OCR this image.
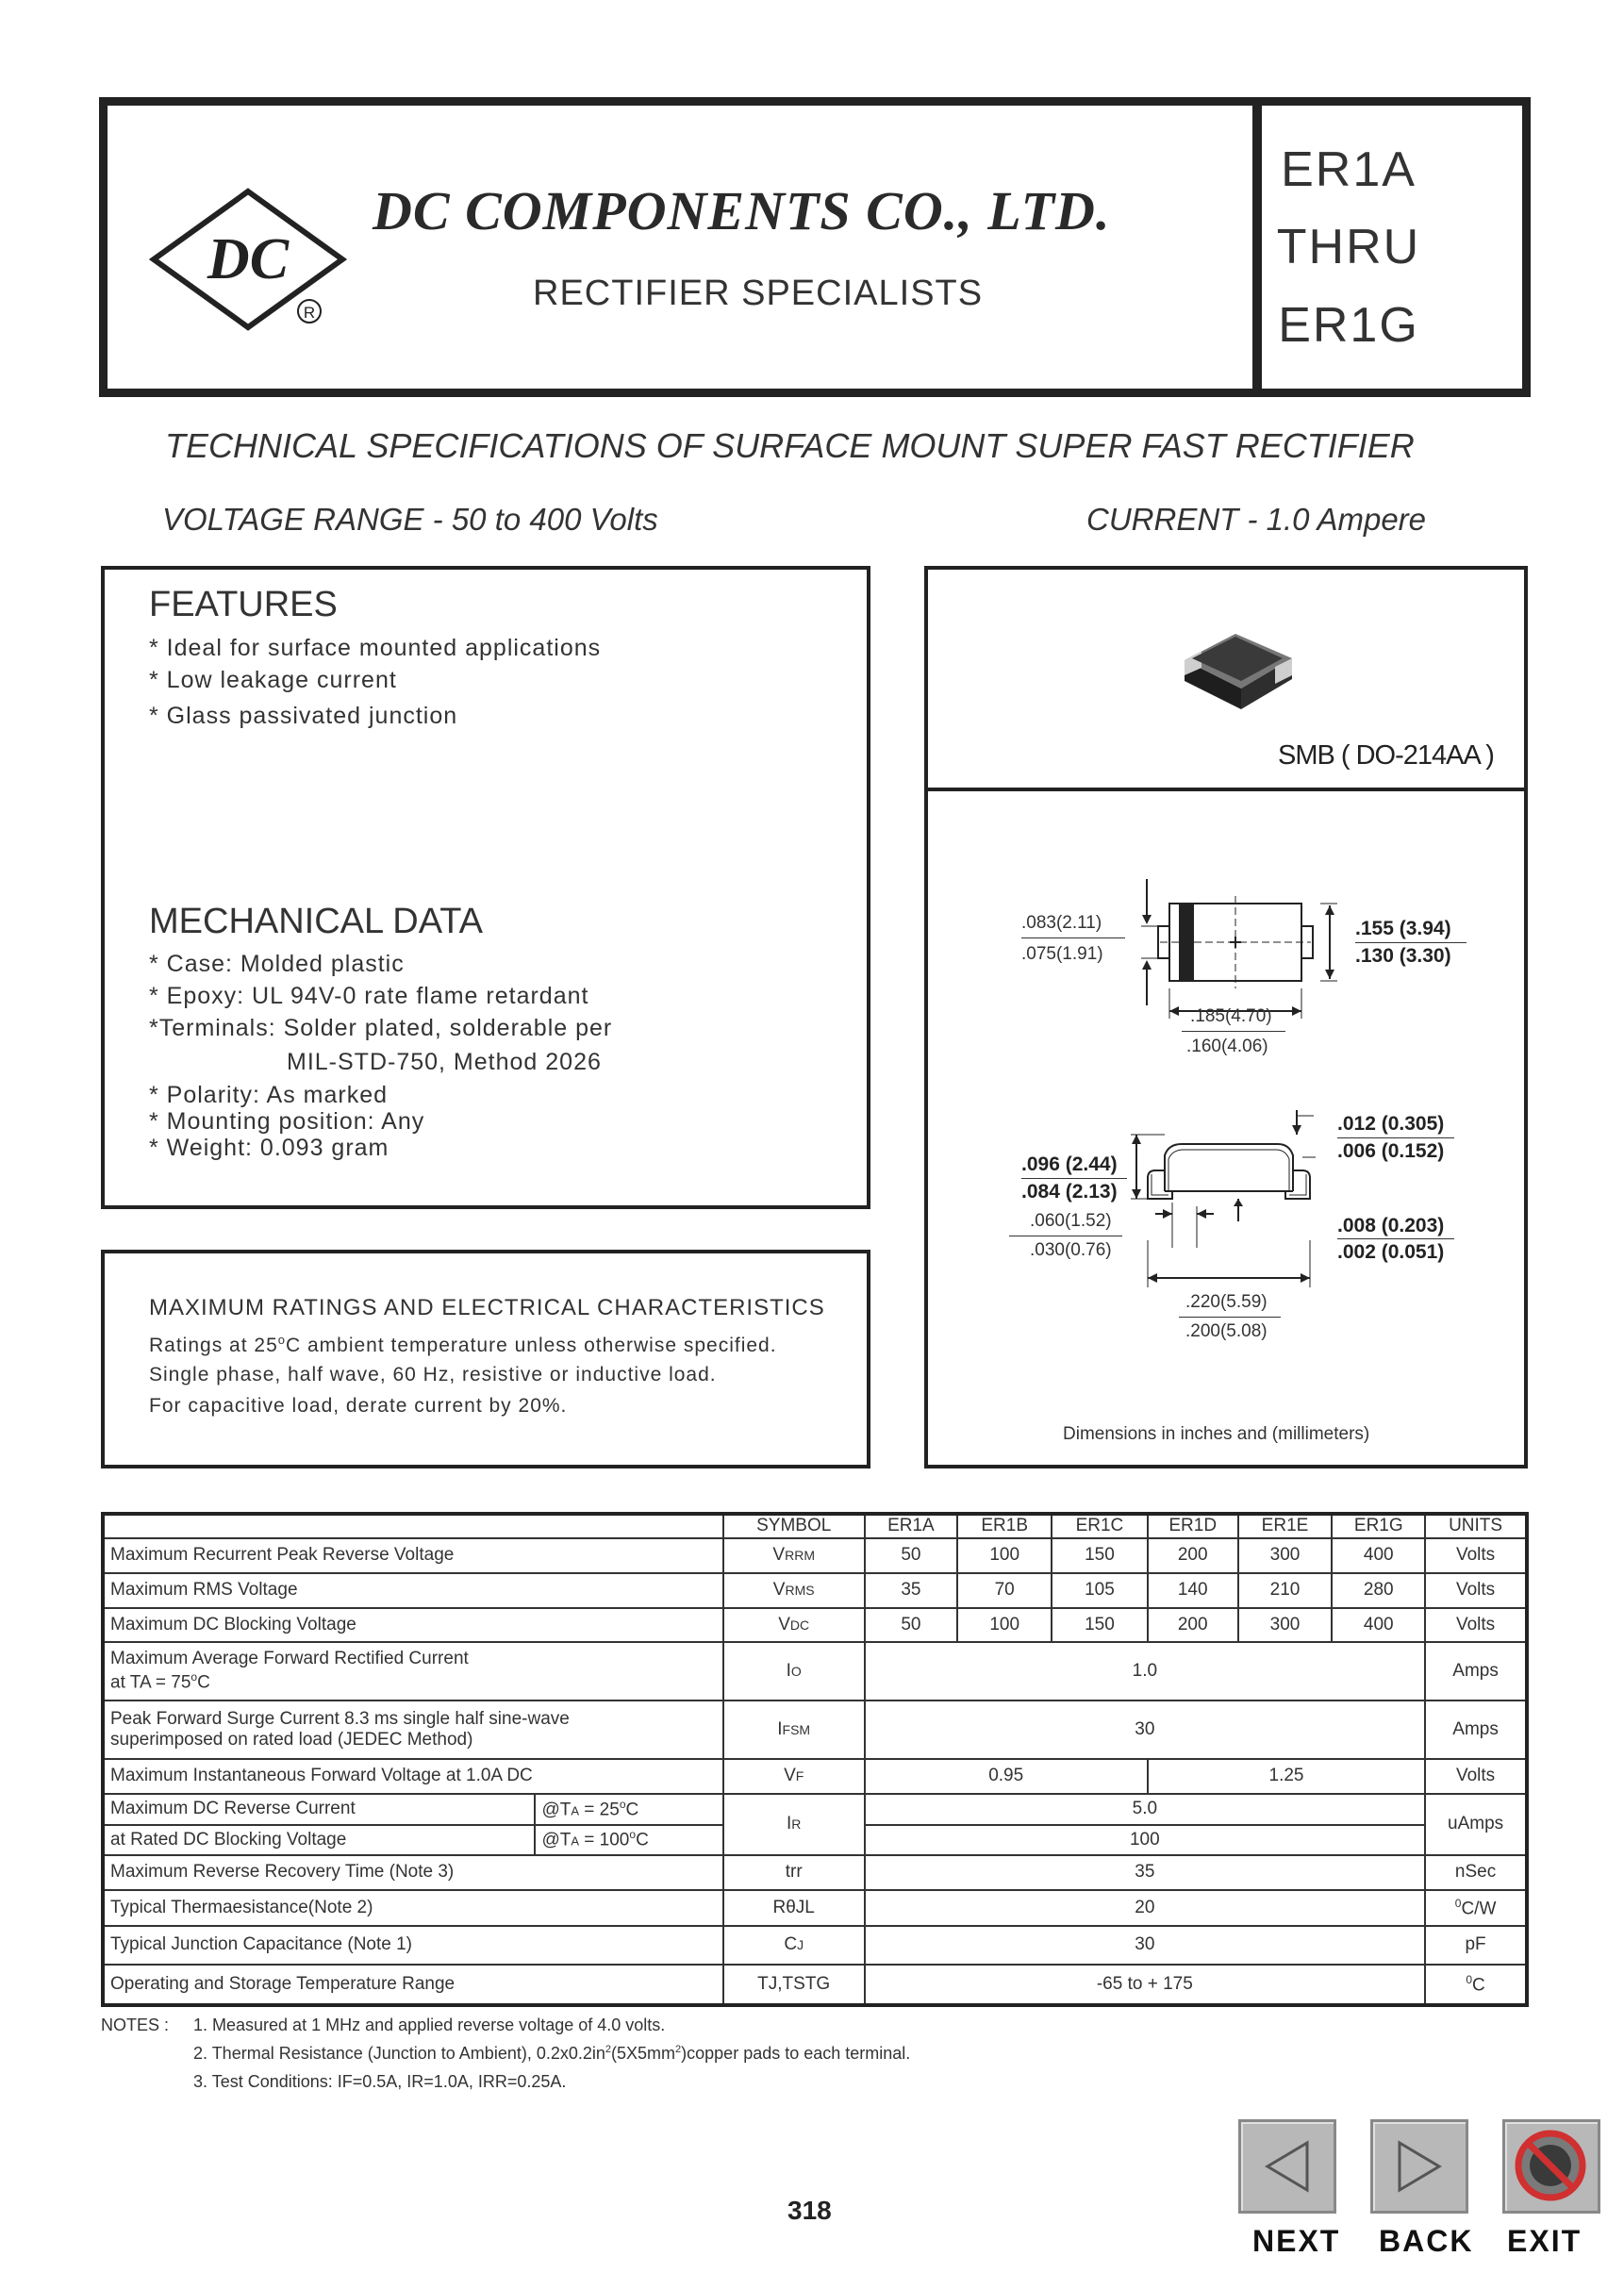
DC
R
DC COMPONENTS CO., LTD.
RECTIFIER SPECIALISTS
ER1A
THRU
ER1G
TECHNICAL SPECIFICATIONS OF SURFACE MOUNT SUPER FAST RECTIFIER
VOLTAGE RANGE - 50 to 400 Volts	CURRENT - 1.0 Ampere
FEATURES
* Ideal for surface mounted applications
* Low leakage current
* Glass passivated junction
MECHANICAL DATA
* Case: Molded plastic
* Epoxy: UL 94V-0 rate flame retardant
*Terminals: Solder plated, solderable per
MIL-STD-750, Method 2026
* Polarity: As marked
* Mounting position: Any
* Weight: 0.093 gram
MAXIMUM RATINGS AND ELECTRICAL CHARACTERISTICS
Ratings at 25$^o$C ambient temperature unless otherwise specified.
Single phase, half wave, 60 Hz, resistive or inductive load.
For capacitive load, derate current by 20%.
SMB ( DO-214AA )
.083(2.11)
.075(1.91)
.155 (3.94)
.130 (3.30)
.185(4.70)
.160(4.06)
.012 (0.305)
.006 (0.152)
.096 (2.44)
.084 (2.13)
.060(1.52)
.030(0.76)
.008 (0.203)
.002 (0.051)
.220(5.59)
.200(5.08)
Dimensions in inches and (millimeters)
		SYMBOL	ER1A	ER1B	ER1C	ER1D	ER1E	ER1G	UNITS
Maximum Recurrent Peak Reverse Voltage		VRRM	50	100	150	200	300	400	Volts
Maximum RMS Voltage		VRMS	35	70	105	140	210	280	Volts
Maximum DC Blocking Voltage		VDC	50	100	150	200	300	400	Volts

Maximum Average Forward Rectified Current
at TA = $75^oC$		IO	1.0						Amps

Peak Forward Surge Current 8.3 ms single half sine-wave
superimposed on rated load (JEDEC Method)		IFSM	30						Amps
Maximum Instantaneous Forward Voltage at 1.0A DC		VF	0.95			1.25			Volts
Maximum DC Reverse Current	@TA = $25^oC$	IR	5.0						uAmps
at Rated DC Blocking Voltage	@TA = $100^oC$		100						
Maximum Reverse Recovery Time (Note 3)		trr	35						nSec
Typical Thermaesistance(Note 2)		RθJL	20						$^0$C/W
Typical Junction Capacitance (Note 1)		CJ	30						pF
Operating and Storage Temperature Range		TJ,TSTG	-65 to + 175						$^0$C
NOTES : 1. Measured at 1 MHz and applied reverse voltage of 4.0 volts.
2. Thermal Resistance (Junction to Ambient), $0.2x0.2in^2(5X5mm^2)copper$ pads to each terminal.
3. Test Conditions: IF=0.5A, IR=1.0A, IRR=0.25A.
318
NEXT BACK EXIT
